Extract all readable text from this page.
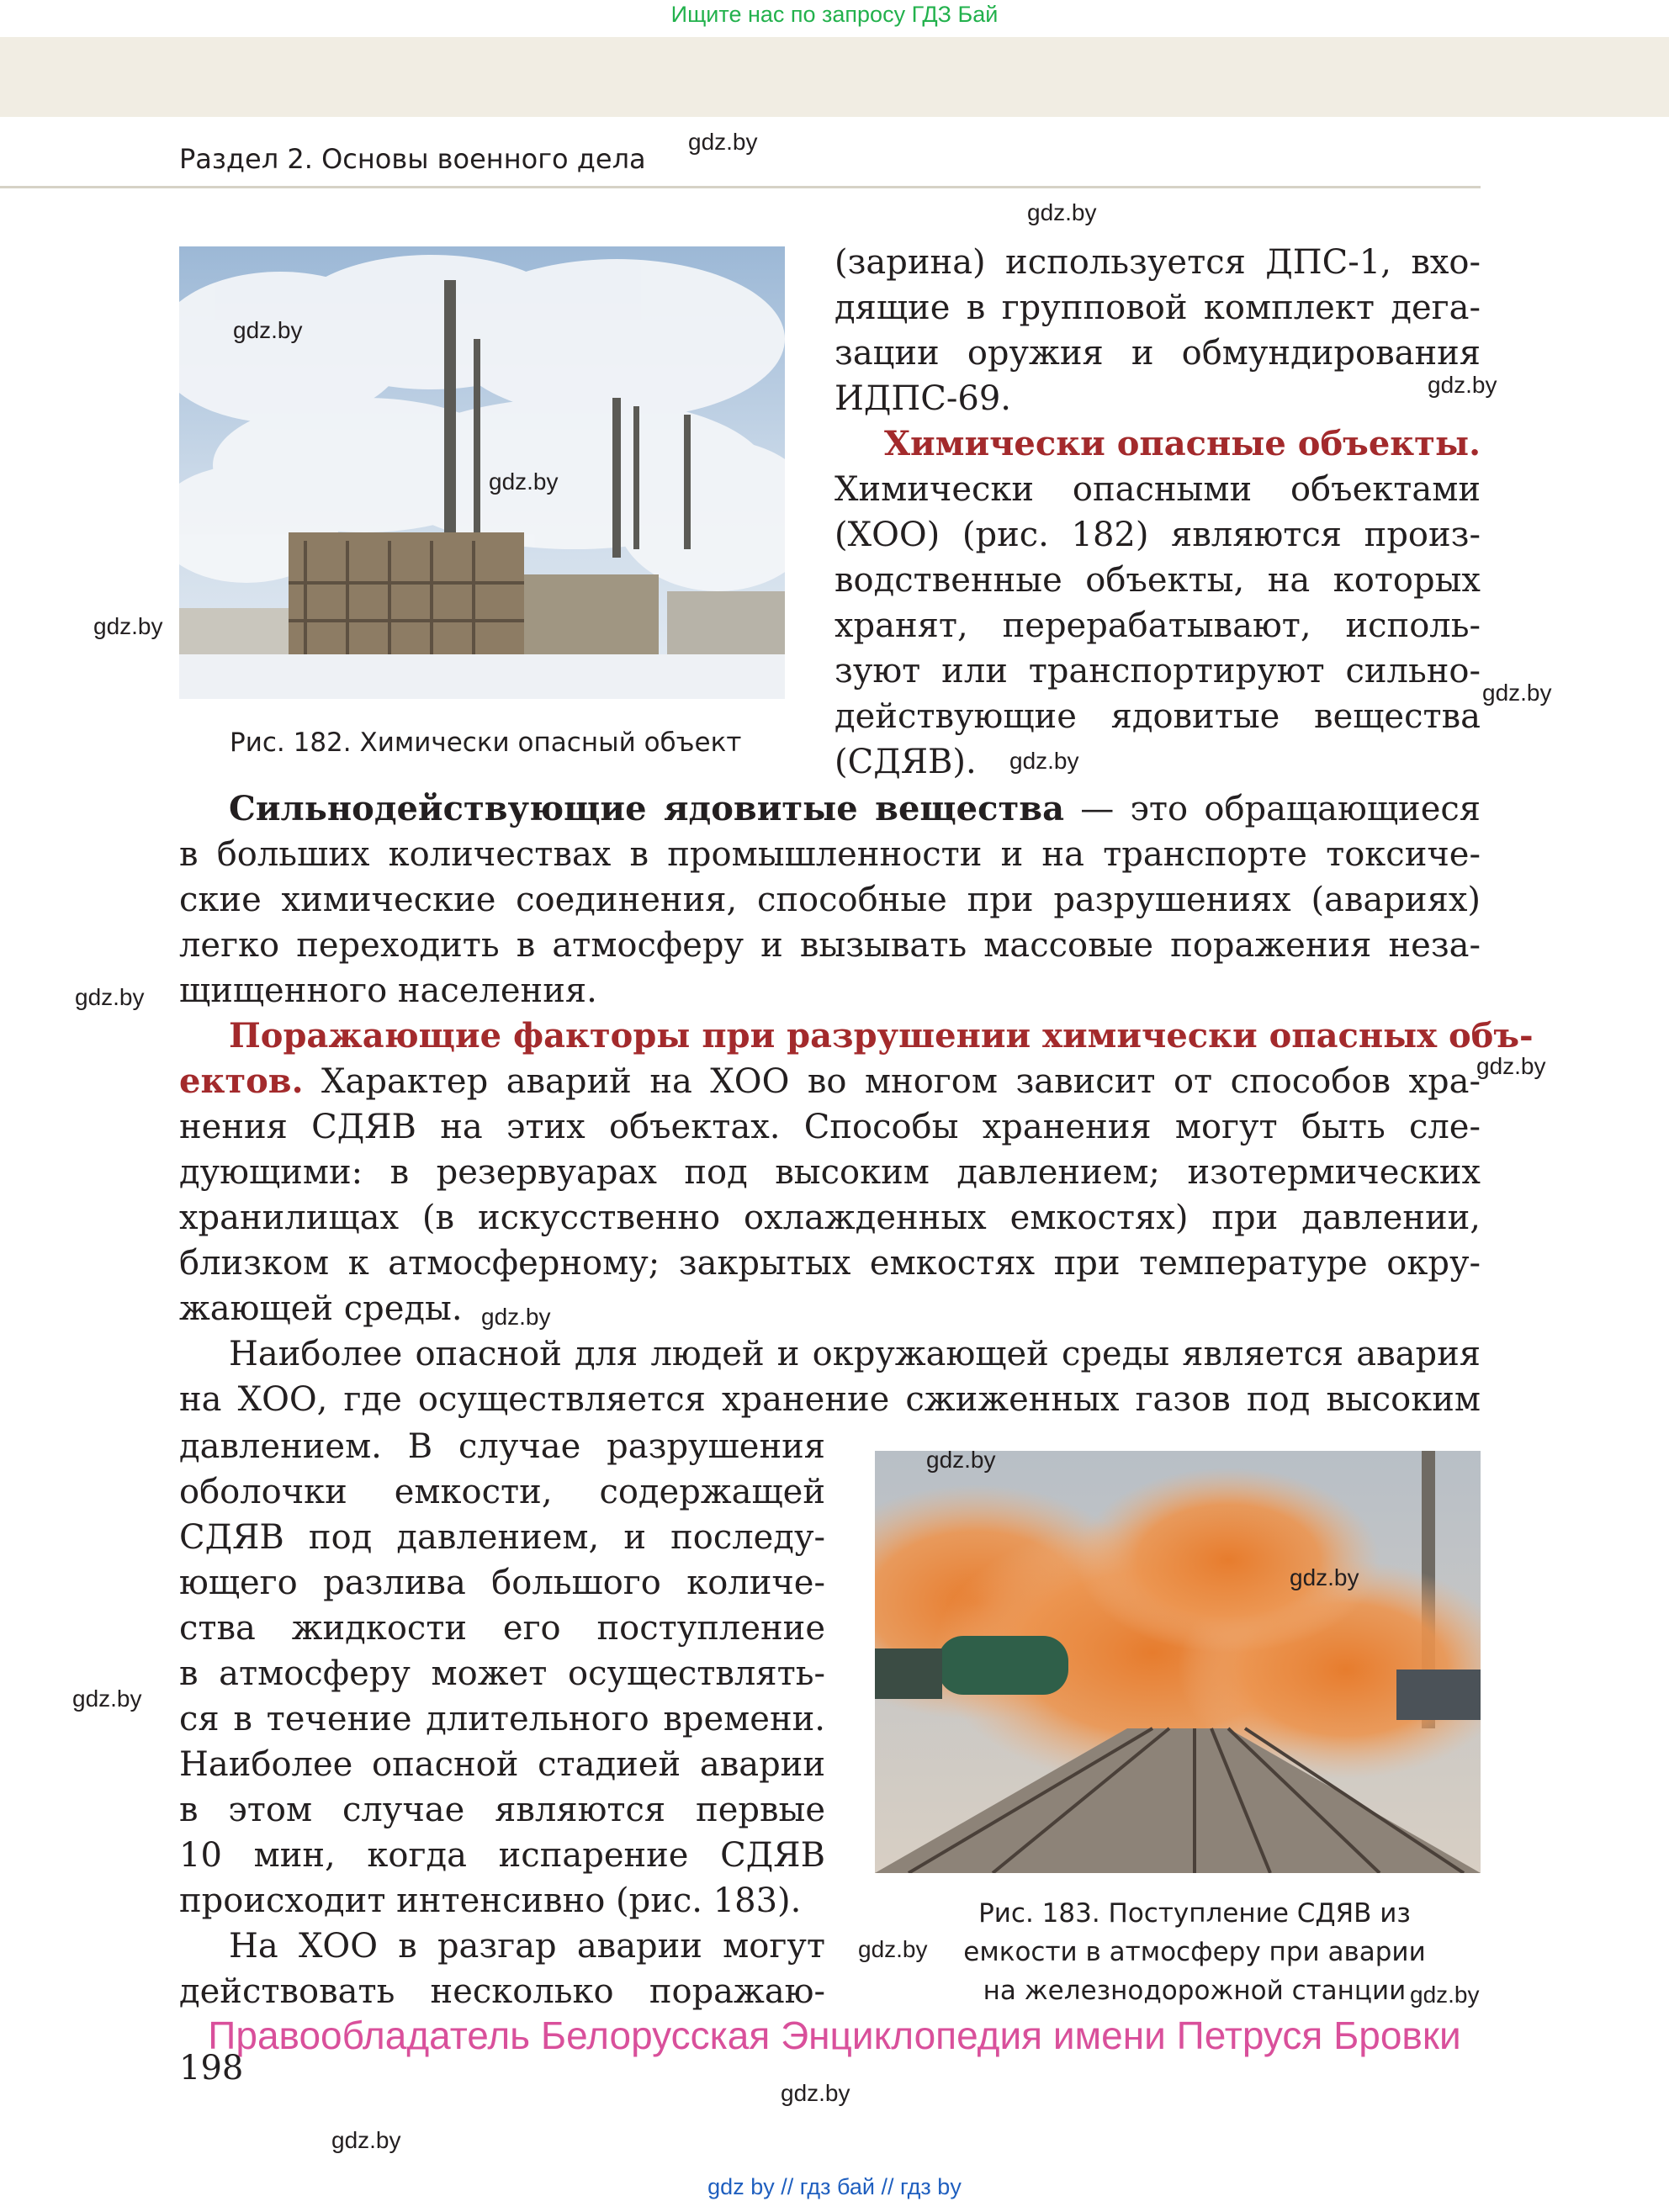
Ищите нас по запросу ГДЗ Бай
Раздел 2. Основы военного дела
Рис. 182. Химически опасный объект
(зарина) используется ДПС-1, вхо-
дящие в групповой комплект дега-
зации оружия и обмундирования
ИДПС-69.
Химически опасные объекты.
Химически опасными объектами
(ХОО) (рис. 182) являются произ-
водственные объекты, на которых
хранят, перерабатывают, исполь-
зуют или транспортируют сильно-
действующие ядовитые вещества
(СДЯВ).
Сильнодействующие ядовитые вещества — это обращающиеся
в больших количествах в промышленности и на транспорте токсиче-
ские химические соединения, способные при разрушениях (авариях)
легко переходить в атмосферу и вызывать массовые поражения неза-
щищенного населения.
Поражающие факторы при разрушении химически опасных объ-
ектов. Характер аварий на ХОО во многом зависит от способов хра-
нения СДЯВ на этих объектах. Способы хранения могут быть сле-
дующими: в резервуарах под высоким давлением; изотермических
хранилищах (в искусственно охлажденных емкостях) при давлении,
близком к атмосферному; закрытых емкостях при температуре окру-
жающей среды.
Наиболее опасной для людей и окружающей среды является авария
на ХОО, где осуществляется хранение сжиженных газов под высоким
давлением. В случае разрушения
оболочки емкости, содержащей
СДЯВ под давлением, и последу-
ющего разлива большого количе-
ства жидкости его поступление
в атмосферу может осуществлять-
ся в течение длительного времени.
Наиболее опасной стадией аварии
в этом случае являются первые
10 мин, когда испарение СДЯВ
происходит интенсивно (рис. 183).
На ХОО в разгар аварии могут
действовать несколько поражаю-
Рис. 183. Поступление СДЯВ из
емкости в атмосферу при аварии
на железнодорожной станции
gdz.by
gdz.by
gdz.by
gdz.by
gdz.by
gdz.by
gdz.by
gdz.by
gdz.by
gdz.by
gdz.by
gdz.by
gdz.by
gdz.by
gdz.by
gdz.by
gdz.by
gdz.by
Правообладатель Белорусская Энциклопедия имени Петруся Бровки
198
gdz by // гдз бай // гдз by
